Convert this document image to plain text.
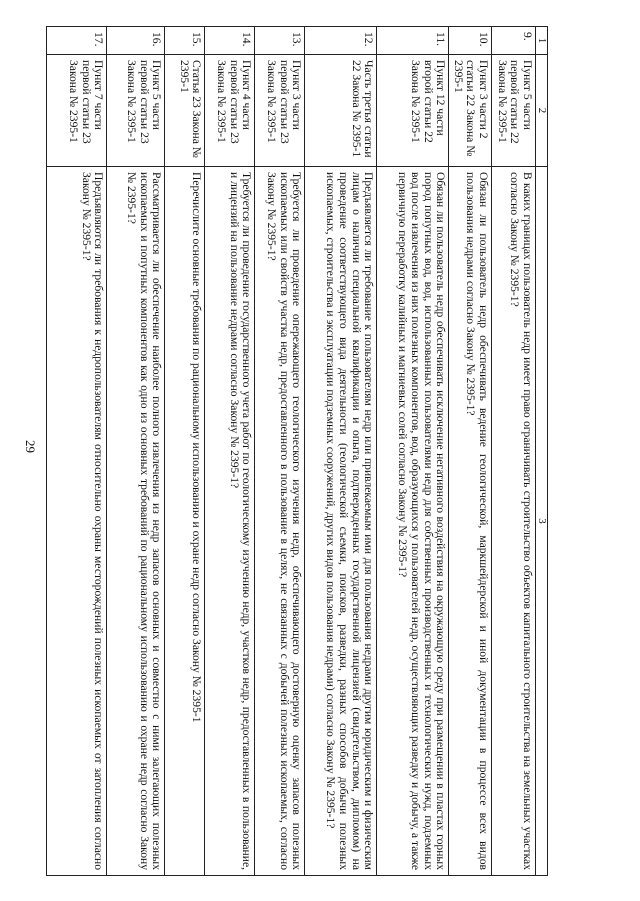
29
1	2	3
9.	Пункт 5 части первой статьи 22 Закона № 2395-1	В каких границах пользователь недр имеет право ограничивать строительство объектов капитального строительства на земельных участках согласно Закону № 2395-1?
10.	Пункт 3 части 2 статьи 22 Закона № 2395-1	Обязан ли пользователь недр обеспечивать ведение геологической, маркшейдерской и иной документации в процессе всех видов пользования недрами согласно Закону № 2395-1?
11.	Пункт 12 части второй статьи 22 Закона № 2395-1	Обязан ли пользователь недр обеспечивать исключение негативного воздействия на окружающую среду при размещении в пластах горных пород попутных вод, вод, использованных пользователями недр для собственных производственных и технологических нужд, подземных вод после извлечения из них полезных компонентов, вод, образующихся у пользователей недр, осуществляющих разведку и добычу, а также первичную переработку калийных и магниевых солей согласно Закону № 2395-1?
12.	Часть третья статьи 22 Закона № 2395-1	Предъявляется ли требование к пользователям недр или привлекаемым ими для пользования недрами другим юридическим и физическим лицам о наличии специальной квалификации и опыта, подтвержденных государственной лицензией (свидетельством, дипломом) на проведение соответствующего вида деятельности (геологической съемки, поисков, разведки, разных способов добычи полезных ископаемых, строительства и эксплуатации подземных сооружений, других видов пользования недрами) согласно Закону № 2395-1?
13.	Пункт 3 части первой статьи 23 Закона № 2395-1	Требуется ли проведение опережающего геологического изучения недр, обеспечивающего достоверную оценку запасов полезных ископаемых или свойств участка недр, предоставленного в пользование в целях, не связанных с добычей полезных ископаемых, согласно Закону № 2395-1?
14.	Пункт 4 части первой статьи 23 Закона № 2395-1	Требуется ли проведение государственного учета работ по геологическому изучению недр, участков недр, предоставленных в пользование, и лицензий на пользование недрами согласно Закону № 2395-1?
15.	Статья 23 Закона № 2395-1	Перечислите основные требования по рациональному использованию и охране недр согласно Закону № 2395-1
16.	Пункт 5 части первой статьи 23 Закона № 2395-1	Рассматривается ли обеспечение наиболее полного извлечения из недр запасов основных и совместно с ними залегающих полезных ископаемых и попутных компонентов как одно из основных требований по рациональному использованию и охране недр согласно Закону № 2395-1?
17.	Пункт 7 части первой статьи 23 Закона № 2395-1	Предъявляются ли требования к недропользователям относительно охраны месторождений полезных ископаемых от затопления согласно Закону № 2395-1?
